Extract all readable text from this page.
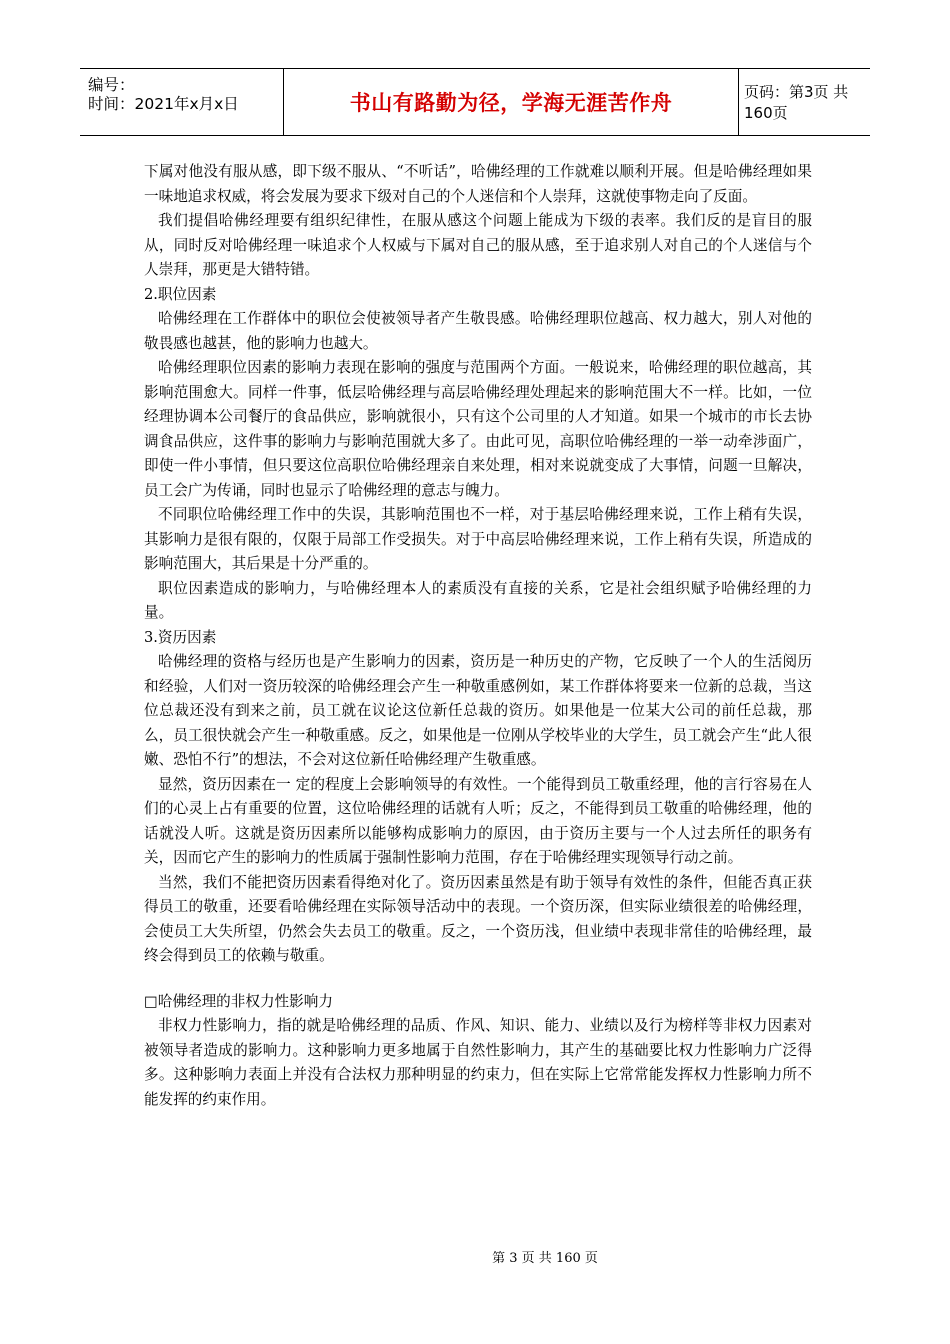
编号：
时间：2021年x月x日	书山有路勤为径，学海无涯苦作舟	页码：第3页 共160页

下属对他没有服从感，即下级不服从、“不听话”，哈佛经理的工作就难以顺利开展。但是哈佛经理如果一味地追求权威，将会发展为要求下级对自己的个人迷信和个人崇拜，这就使事物走向了反面。

我们提倡哈佛经理要有组织纪律性，在服从感这个问题上能成为下级的表率。我们反的是盲目的服从，同时反对哈佛经理一味追求个人权威与下属对自己的服从感，至于追求别人对自己的个人迷信与个人崇拜，那更是大错特错。

2.职位因素

哈佛经理在工作群体中的职位会使被领导者产生敬畏感。哈佛经理职位越高、权力越大，别人对他的敬畏感也越甚，他的影响力也越大。

哈佛经理职位因素的影响力表现在影响的强度与范围两个方面。一般说来，哈佛经理的职位越高，其影响范围愈大。同样一件事，低层哈佛经理与高层哈佛经理处理起来的影响范围大不一样。比如，一位经理协调本公司餐厅的食品供应，影响就很小，只有这个公司里的人才知道。如果一个城市的市长去协调食品供应，这件事的影响力与影响范围就大多了。由此可见，高职位哈佛经理的一举一动牵涉面广，即使一件小事情，但只要这位高职位哈佛经理亲自来处理，相对来说就变成了大事情，问题一旦解决，员工会广为传诵，同时也显示了哈佛经理的意志与魄力。

不同职位哈佛经理工作中的失误，其影响范围也不一样，对于基层哈佛经理来说，工作上稍有失误，其影响力是很有限的，仅限于局部工作受损失。对于中高层哈佛经理来说，工作上稍有失误，所造成的影响范围大，其后果是十分严重的。

职位因素造成的影响力，与哈佛经理本人的素质没有直接的关系，它是社会组织赋予哈佛经理的力量。

3.资历因素

哈佛经理的资格与经历也是产生影响力的因素，资历是一种历史的产物，它反映了一个人的生活阅历和经验，人们对一资历较深的哈佛经理会产生一种敬重感例如，某工作群体将要来一位新的总裁，当这位总裁还没有到来之前，员工就在议论这位新任总裁的资历。如果他是一位某大公司的前任总裁，那么，员工很快就会产生一种敬重感。反之，如果他是一位刚从学校毕业的大学生，员工就会产生“此人很嫩、恐怕不行”的想法，不会对这位新任哈佛经理产生敬重感。

显然，资历因素在一 定的程度上会影响领导的有效性。一个能得到员工敬重经理，他的言行容易在人们的心灵上占有重要的位置，这位哈佛经理的话就有人听；反之，不能得到员工敬重的哈佛经理，他的话就没人听。这就是资历因素所以能够构成影响力的原因，由于资历主要与一个人过去所任的职务有关，因而它产生的影响力的性质属于强制性影响力范围，存在于哈佛经理实现领导行动之前。

当然，我们不能把资历因素看得绝对化了。资历因素虽然是有助于领导有效性的条件，但能否真正获得员工的敬重，还要看哈佛经理在实际领导活动中的表现。一个资历深，但实际业绩很差的哈佛经理，会使员工大失所望，仍然会失去员工的敬重。反之，一个资历浅，但业绩中表现非常佳的哈佛经理，最终会得到员工的依赖与敬重。

□哈佛经理的非权力性影响力

非权力性影响力，指的就是哈佛经理的品质、作风、知识、能力、业绩以及行为榜样等非权力因素对被领导者造成的影响力。这种影响力更多地属于自然性影响力，其产生的基础要比权力性影响力广泛得多。这种影响力表面上并没有合法权力那种明显的约束力，但在实际上它常常能发挥权力性影响力所不能发挥的约束作用。

第 3 页 共 160 页
